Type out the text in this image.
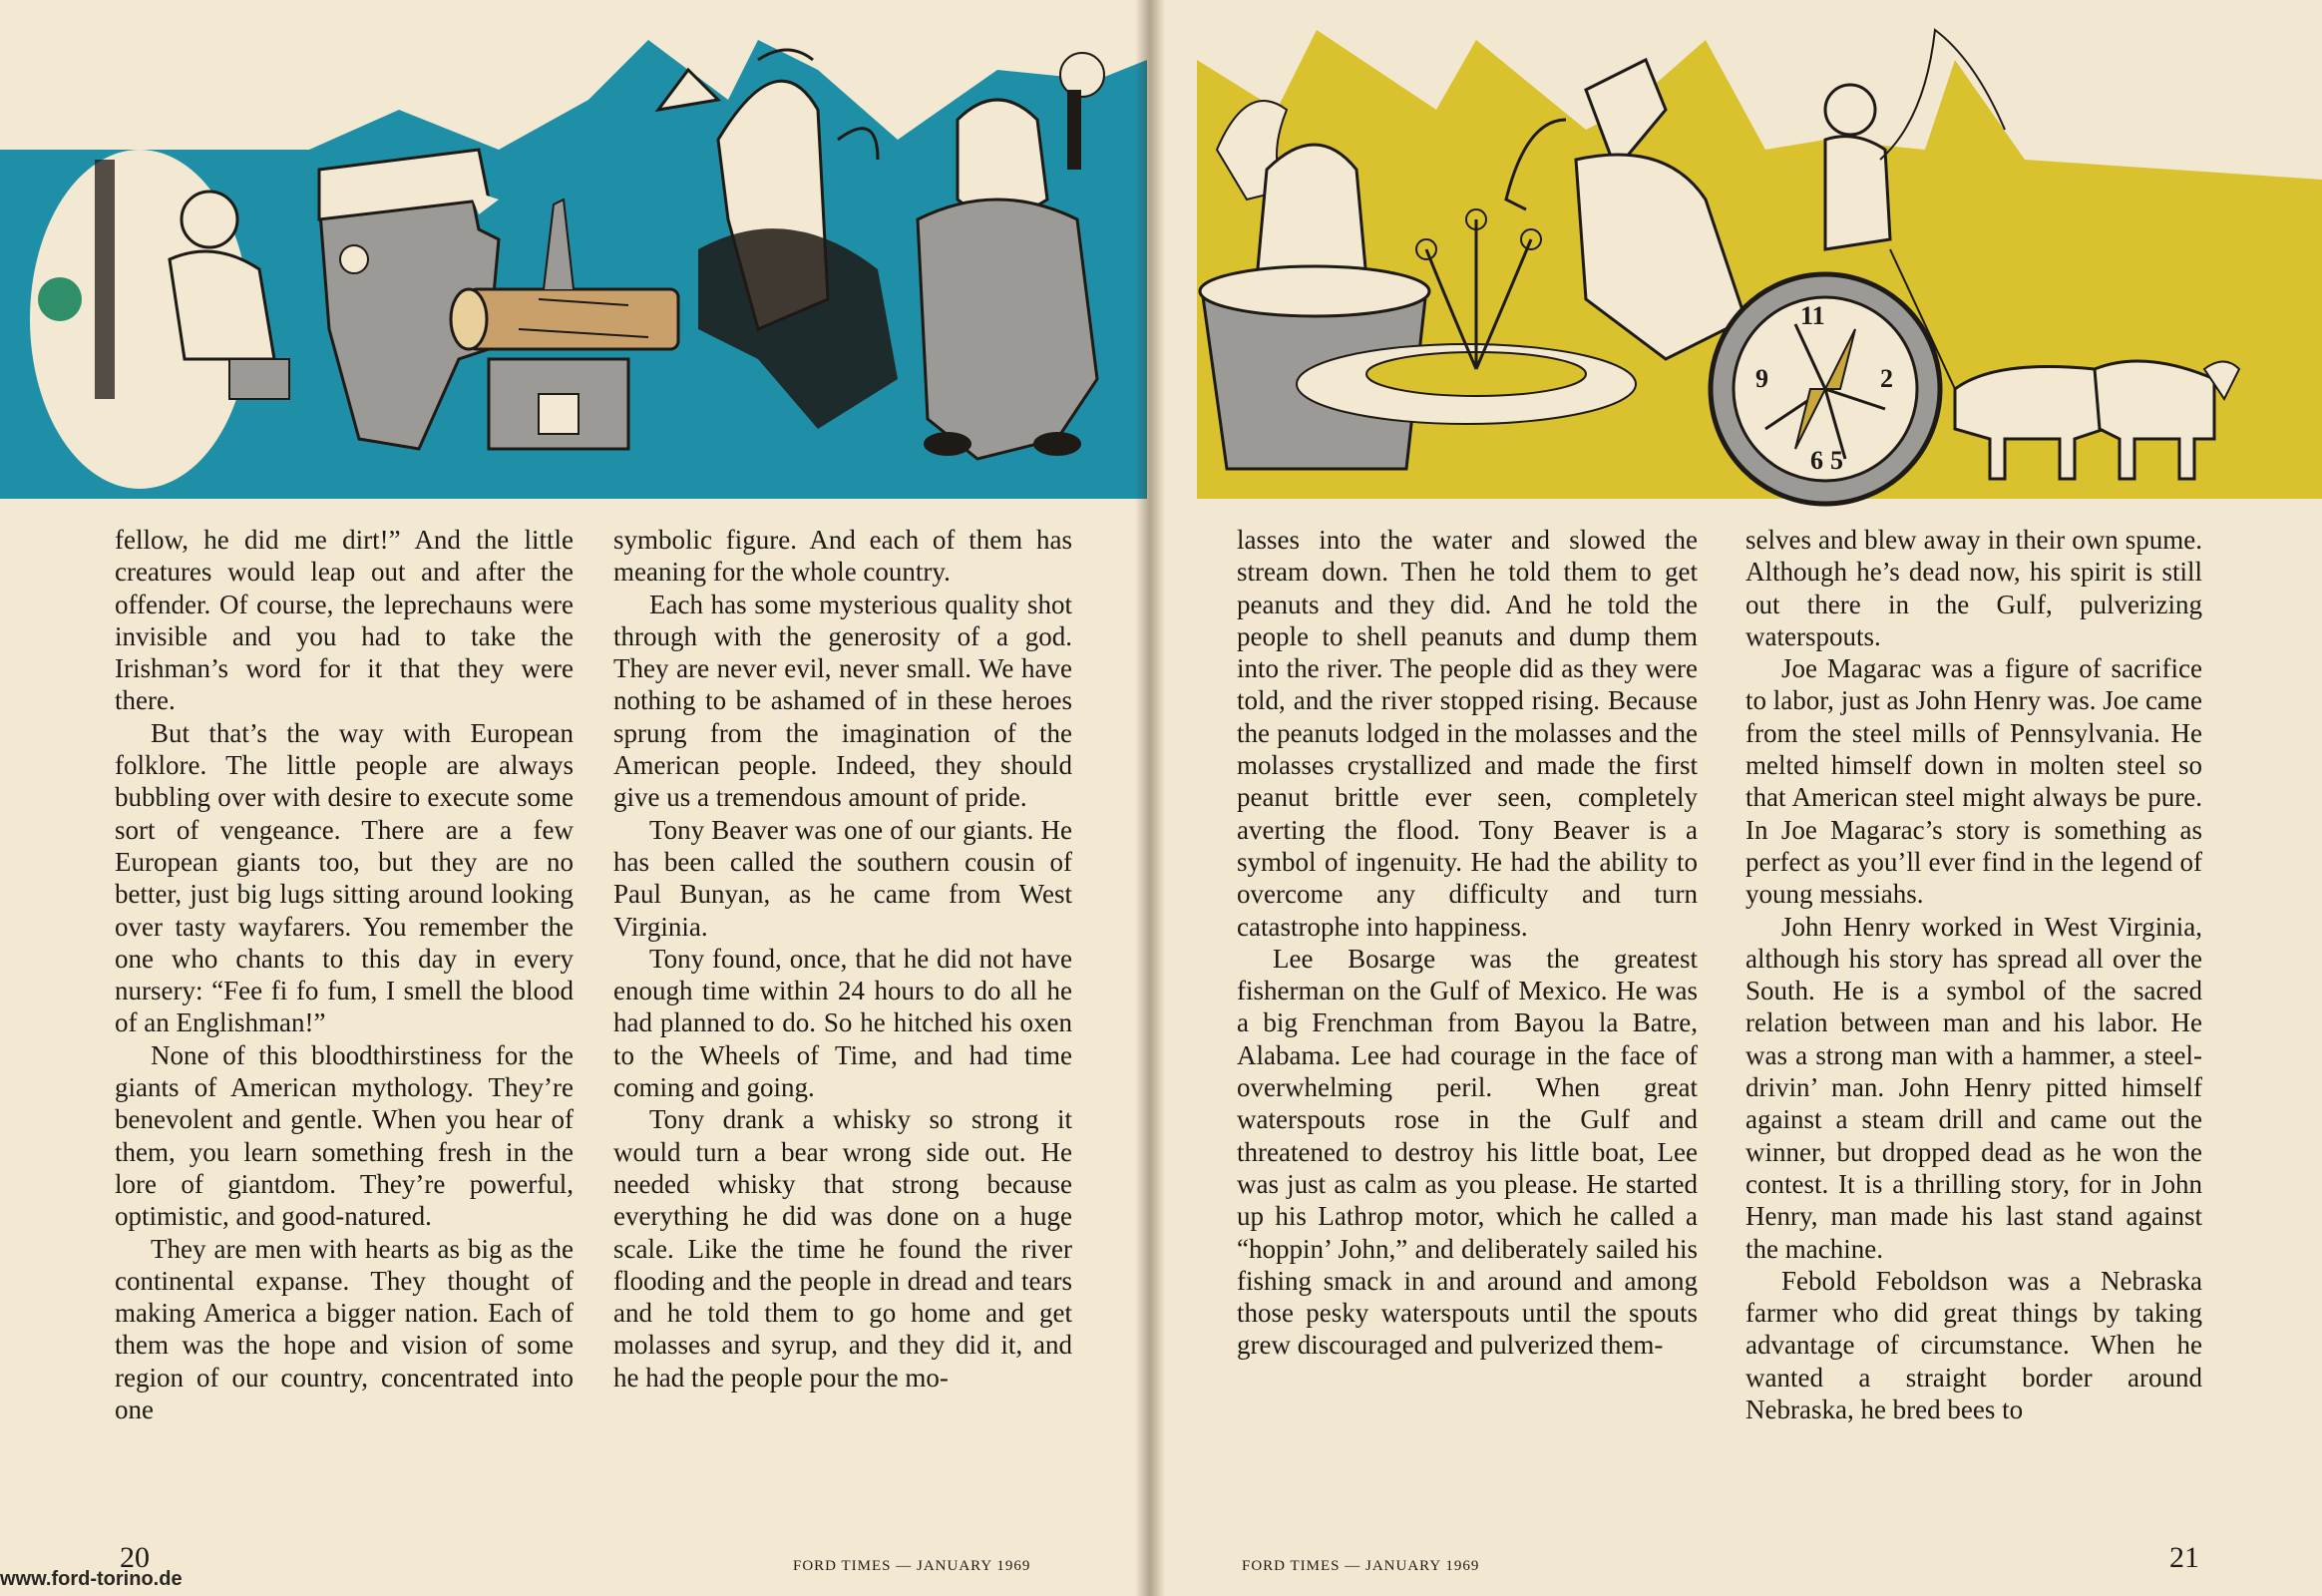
fellow, he did me dirt!” And the little creatures would leap out and after the offender. Of course, the leprechauns were invisible and you had to take the Irishman’s word for it that they were there.

But that’s the way with European folklore. The little people are always bubbling over with desire to execute some sort of vengeance. There are a few European giants too, but they are no better, just big lugs sitting around looking over tasty wayfarers. You remember the one who chants to this day in every nursery: “Fee fi fo fum, I smell the blood of an Englishman!”

None of this bloodthirstiness for the giants of American mythology. They’re benevolent and gentle. When you hear of them, you learn something fresh in the lore of giantdom. They’re powerful, optimistic, and good-natured.

They are men with hearts as big as the continental expanse. They thought of making America a bigger nation. Each of them was the hope and vision of some region of our country, concentrated into one

symbolic figure. And each of them has meaning for the whole country.

Each has some mysterious quality shot through with the generosity of a god. They are never evil, never small. We have nothing to be ashamed of in these heroes sprung from the imagination of the American people. Indeed, they should give us a tremendous amount of pride.

Tony Beaver was one of our giants. He has been called the southern cousin of Paul Bunyan, as he came from West Virginia.

Tony found, once, that he did not have enough time within 24 hours to do all he had planned to do. So he hitched his oxen to the Wheels of Time, and had time coming and going.

Tony drank a whisky so strong it would turn a bear wrong side out. He needed whisky that strong because everything he did was done on a huge scale. Like the time he found the river flooding and the people in dread and tears and he told them to go home and get molasses and syrup, and they did it, and he had the people pour the mo-

20	FORD TIMES — JANUARY 1969
www.ford-torino.de
11
2
9
6 5

lasses into the water and slowed the stream down. Then he told them to get peanuts and they did. And he told the people to shell peanuts and dump them into the river. The people did as they were told, and the river stopped rising. Because the peanuts lodged in the molasses and the molasses crystallized and made the first peanut brittle ever seen, completely averting the flood. Tony Beaver is a symbol of ingenuity. He had the ability to overcome any difficulty and turn catastrophe into happiness.

Lee Bosarge was the greatest fisherman on the Gulf of Mexico. He was a big Frenchman from Bayou la Batre, Alabama. Lee had courage in the face of overwhelming peril. When great waterspouts rose in the Gulf and threatened to destroy his little boat, Lee was just as calm as you please. He started up his Lathrop motor, which he called a “hoppin’ John,” and deliberately sailed his fishing smack in and around and among those pesky waterspouts until the spouts grew discouraged and pulverized them-

selves and blew away in their own spume. Although he’s dead now, his spirit is still out there in the Gulf, pulverizing waterspouts.

Joe Magarac was a figure of sacrifice to labor, just as John Henry was. Joe came from the steel mills of Pennsylvania. He melted himself down in molten steel so that American steel might always be pure. In Joe Magarac’s story is something as perfect as you’ll ever find in the legend of young messiahs.

John Henry worked in West Virginia, although his story has spread all over the South. He is a symbol of the sacred relation between man and his labor. He was a strong man with a hammer, a steel-drivin’ man. John Henry pitted himself against a steam drill and came out the winner, but dropped dead as he won the contest. It is a thrilling story, for in John Henry, man made his last stand against the machine.

Febold Feboldson was a Nebraska farmer who did great things by taking advantage of circumstance. When he wanted a straight border around Nebraska, he bred bees to

FORD TIMES — JANUARY 1969	21
